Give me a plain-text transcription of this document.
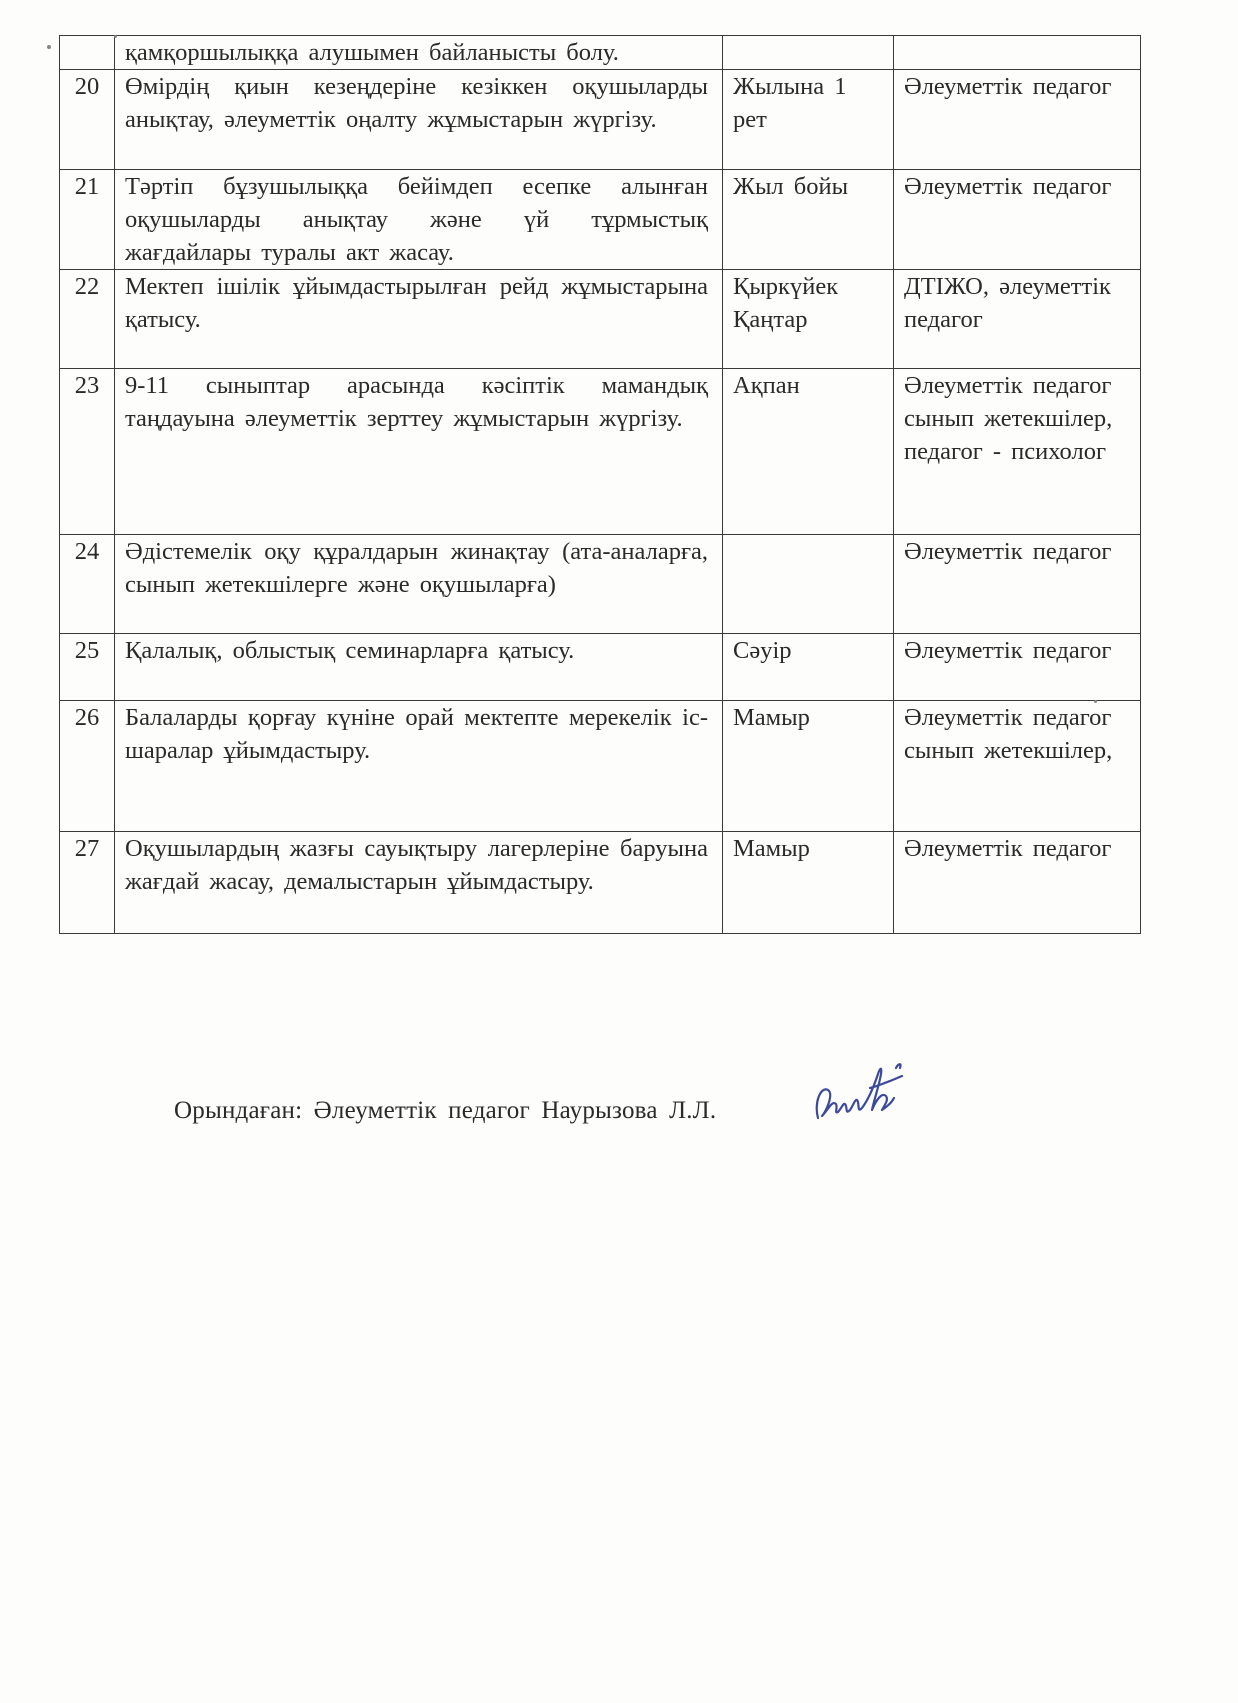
	қамқоршылыққа алушымен байланысты болу.		
20	Өмірдің қиын кезеңдеріне кезіккен оқушыларды анықтау, әлеуметтік оңалту жұмыстарын жүргізу.	Жылына 1 рет	Әлеуметтік педагог
21	Тәртіп бұзушылыққа бейімдеп есепке алынған оқушыларды анықтау және үй тұрмыстық жағдайлары туралы акт жасау.	Жыл бойы	Әлеуметтік педагог
22	Мектеп ішілік ұйымдастырылған рейд жұмыстарына қатысу.	Қыркүйек Қаңтар	ДТІЖО, әлеуметтік педагог
23	9-11 сыныптар арасында кәсіптік мамандық таңдауына әлеуметтік зерттеу жұмыстарын жүргізу.	Ақпан	Әлеуметтік педагог сынып жетекшілер, педагог - психолог
24	Әдістемелік оқу құралдарын жинақтау (ата-аналарға, сынып жетекшілерге және оқушыларға)		Әлеуметтік педагог
25	Қалалық, облыстық семинарларға қатысу.	Сәуір	Әлеуметтік педагог
26	Балаларды қорғау күніне орай мектепте мерекелік іс-шаралар ұйымдастыру.	Мамыр	Әлеуметтік педагог сынып жетекшілер,
27	Оқушылардың жазғы сауықтыру лагерлеріне баруына жағдай жасау, демалыстарын ұйымдастыру.	Мамыр	Әлеуметтік педагог
Орындаған: Әлеуметтік педагог Наурызова Л.Л.
